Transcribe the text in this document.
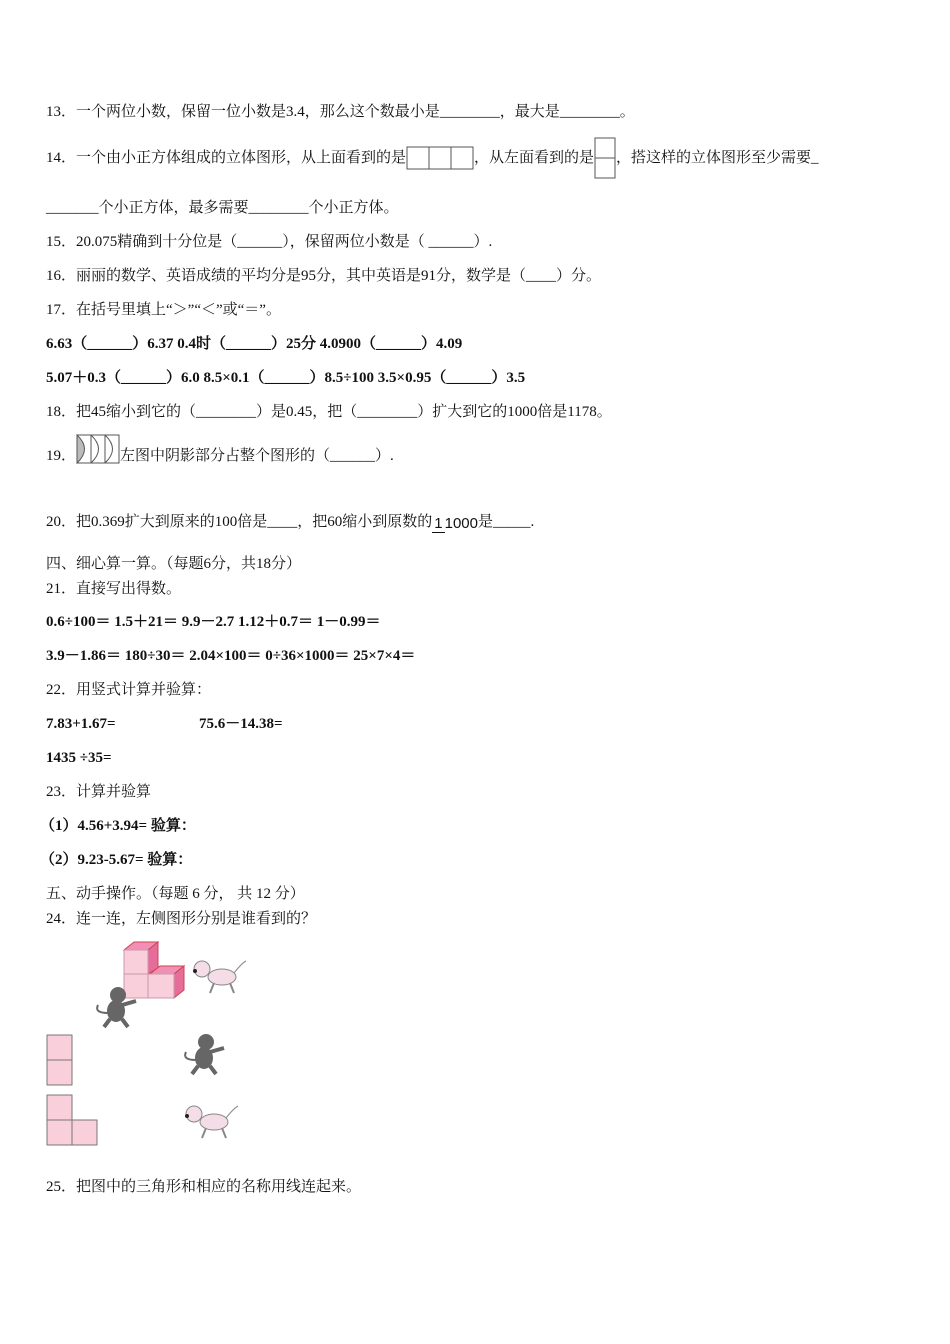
13．一个两位小数，保留一位小数是3.4，那么这个数最小是________，最大是________。
14．一个由小正方体组成的立体图形，从上面看到的是	，从左面看到的是 ，搭这样的立体图形至少需要_
_______个小正方体，最多需要________个小正方体。
15．20.075精确到十分位是（______），保留两位小数是（ ______）.
16．丽丽的数学、英语成绩的平均分是95分，其中英语是91分，数学是（____）分。
17．在括号里填上“＞”“＜”或“＝”。
6.63（______）6.37 0.4时（______）25分 4.0900（______）4.09
5.07＋0.3（______）6.0 8.5×0.1（______）8.5÷100 3.5×0.95（______）3.5
18．把45缩小到它的（________）是0.45，把（________）扩大到它的1000倍是1178。
19．	左图中阴影部分占整个图形的（______）.
20．把0.369扩大到原来的100倍是____，把60缩小到原数的 1 1000 是_____.
四、细心算一算。（每题6分，共18分）
21．直接写出得数。
0.6÷100＝ 1.5＋21＝ 9.9－2.7 1.12＋0.7＝ 1－0.99＝
3.9－1.86＝ 180÷30＝ 2.04×100＝ 0÷36×1000＝ 25×7×4＝
22．用竖式计算并验算：
7.83+1.67=	75.6－14.38=
1435 ÷35=
23．计算并验算
（1）4.56+3.94= 验算：
（2）9.23-5.67= 验算：
五、动手操作。（每题 6 分， 共 12 分）
24．连一连，左侧图形分别是谁看到的？
25．把图中的三角形和相应的名称用线连起来。
